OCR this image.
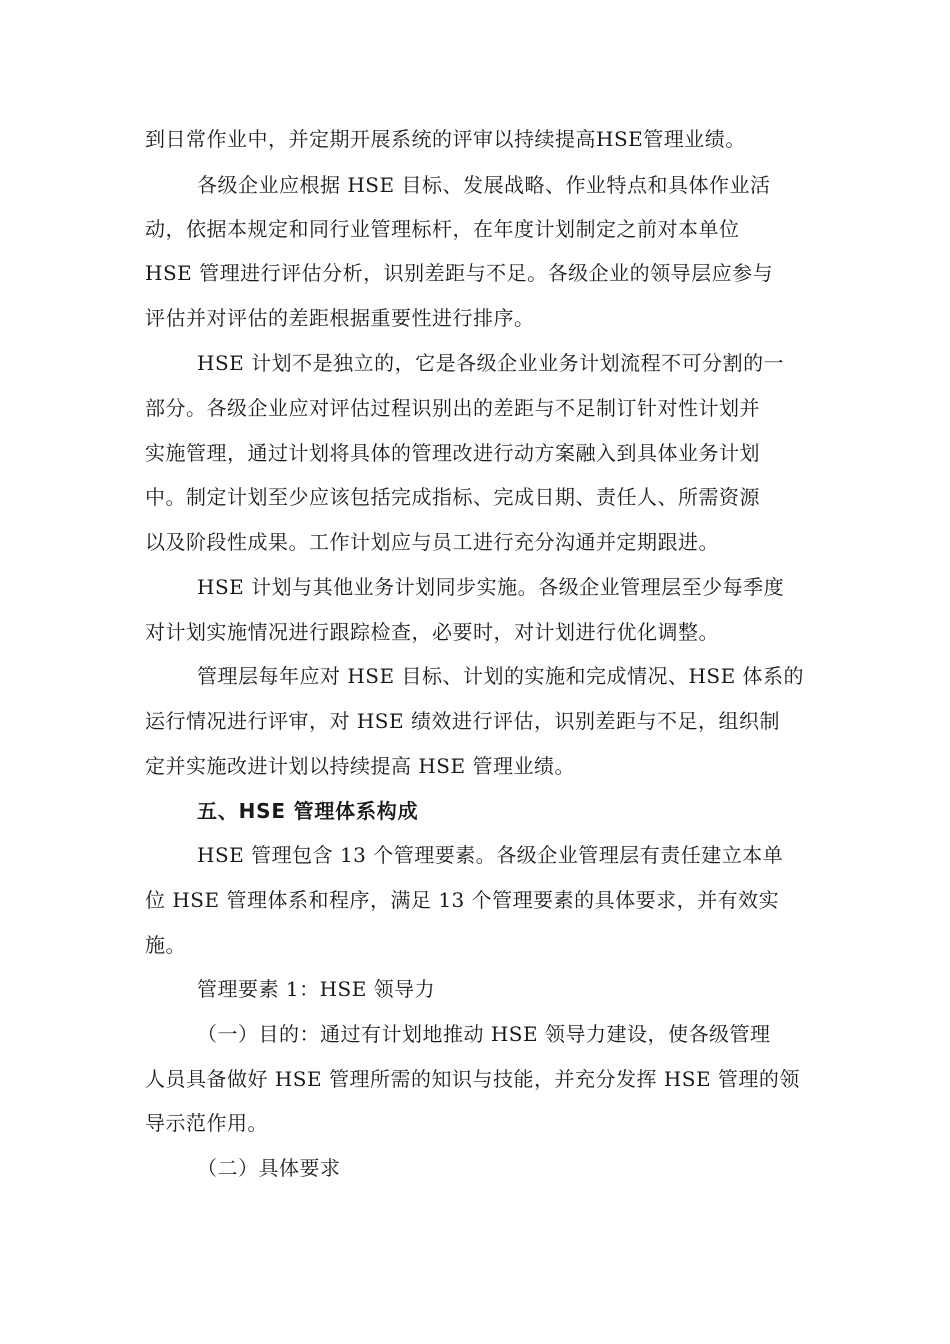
到日常作业中，并定期开展系统的评审以持续提高HSE管理业绩。
各级企业应根据 HSE 目标、发展战略、作业特点和具体作业活
动，依据本规定和同行业管理标杆，在年度计划制定之前对本单位
HSE 管理进行评估分析，识别差距与不足。各级企业的领导层应参与
评估并对评估的差距根据重要性进行排序。
HSE 计划不是独立的，它是各级企业业务计划流程不可分割的一
部分。各级企业应对评估过程识别出的差距与不足制订针对性计划并
实施管理，通过计划将具体的管理改进行动方案融入到具体业务计划
中。制定计划至少应该包括完成指标、完成日期、责任人、所需资源
以及阶段性成果。工作计划应与员工进行充分沟通并定期跟进。
HSE 计划与其他业务计划同步实施。各级企业管理层至少每季度
对计划实施情况进行跟踪检查，必要时，对计划进行优化调整。
管理层每年应对 HSE 目标、计划的实施和完成情况、HSE 体系的
运行情况进行评审，对 HSE 绩效进行评估，识别差距与不足，组织制
定并实施改进计划以持续提高 HSE 管理业绩。
五、HSE 管理体系构成
HSE 管理包含 13 个管理要素。各级企业管理层有责任建立本单
位 HSE 管理体系和程序，满足 13 个管理要素的具体要求，并有效实
施。
管理要素 1：HSE 领导力
（一）目的：通过有计划地推动 HSE 领导力建设，使各级管理
人员具备做好 HSE 管理所需的知识与技能，并充分发挥 HSE 管理的领
导示范作用。
（二）具体要求
